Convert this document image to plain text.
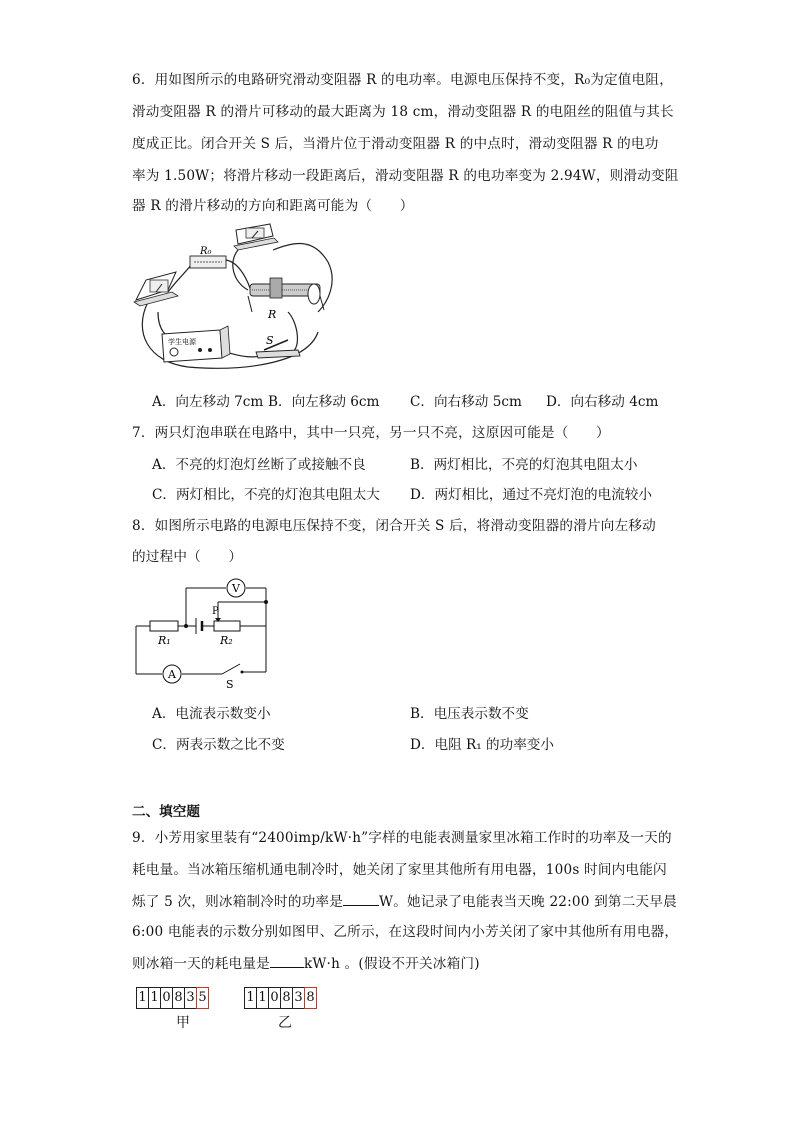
6．用如图所示的电路研究滑动变阻器 R 的电功率。电源电压保持不变，R₀为定值电阻，
滑动变阻器 R 的滑片可移动的最大距离为 18 cm，滑动变阻器 R 的电阻丝的阻值与其长
度成正比。闭合开关 S 后，当滑片位于滑动变阻器 R 的中点时，滑动变阻器 R 的电功
率为 1.50W；将滑片移动一段距离后，滑动变阻器 R 的电功率变为 2.94W，则滑动变阻
器 R 的滑片移动的方向和距离可能为（　　）
R₀
R
学生电源	S
A．向左移动 7cm B．向左移动 6cm C．向右移动 5cm D．向右移动 4cm
7．两只灯泡串联在电路中，其中一只亮，另一只不亮，这原因可能是（　　）
A．不亮的灯泡灯丝断了或接触不良	B．两灯相比，不亮的灯泡其电阻太小
C．两灯相比，不亮的灯泡其电阻太大 D．两灯相比，通过不亮灯泡的电流较小
8．如图所示电路的电源电压保持不变，闭合开关 S 后，将滑动变阻器的滑片向左移动
的过程中（　　）
V
A
S
P
R₁	R₂
A．电流表示数变小	B．电压表示数不变
C．两表示数之比不变	D．电阻 R₁ 的功率变小
二、填空题
9．小芳用家里装有“2400imp/kW·h”字样的电能表测量家里冰箱工作时的功率及一天的
耗电量。当冰箱压缩机通电制冷时，她关闭了家里其他所有用电器，100s 时间内电能闪
烁了 5 次，则冰箱制冷时的功率是	W。她记录了电能表当天晚 22:00 到第二天早晨
6:00 电能表的示数分别如图甲、乙所示，在这段时间内小芳关闭了家中其他所有用电器，
则冰箱一天的耗电量是	kW·h 。(假设不开关冰箱门)
1 1 0 8 3 5
甲
1 1 0 8 3 8
乙
